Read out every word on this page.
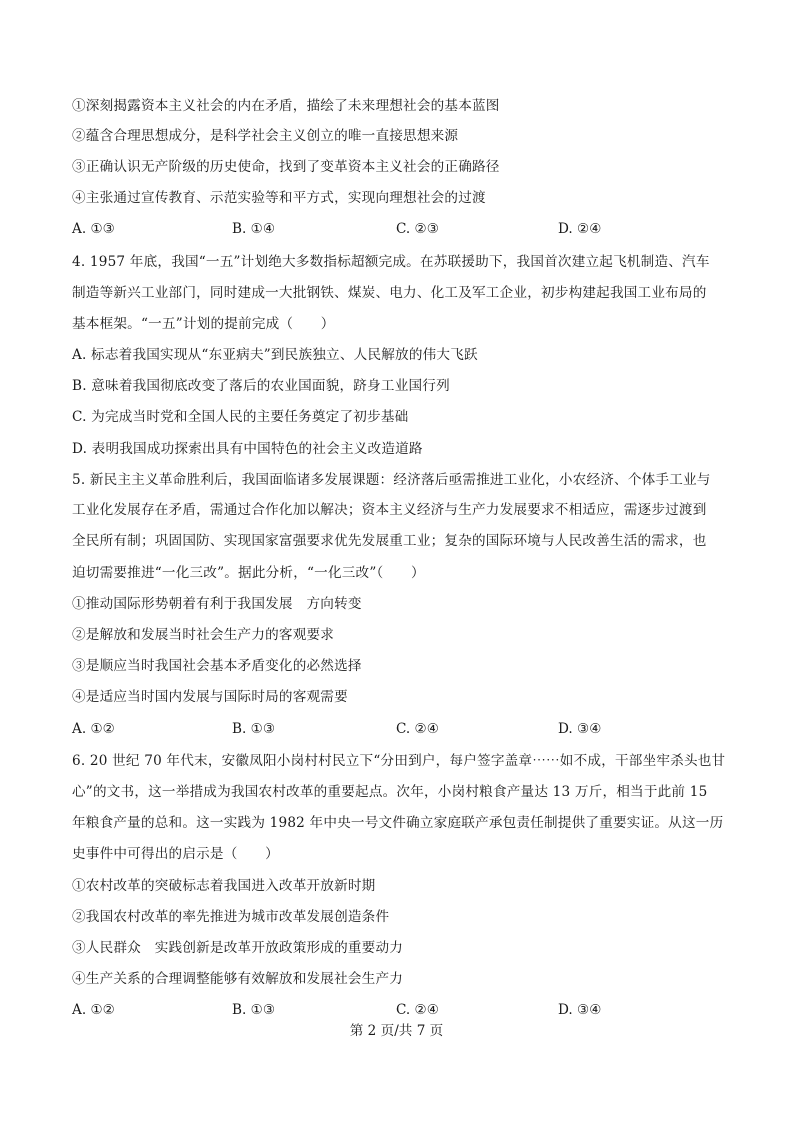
①深刻揭露资本主义社会的内在矛盾，描绘了未来理想社会的基本蓝图
②蕴含合理思想成分，是科学社会主义创立的唯一直接思想来源
③正确认识无产阶级的历史使命，找到了变革资本主义社会的正确路径
④主张通过宣传教育、示范实验等和平方式，实现向理想社会的过渡
A. ①③	B. ①④	C. ②③	D. ②④
4. 1957 年底，我国“一五”计划绝大多数指标超额完成。在苏联援助下，我国首次建立起飞机制造、汽车
制造等新兴工业部门，同时建成一大批钢铁、煤炭、电力、化工及军工企业，初步构建起我国工业布局的
基本框架。“一五”计划的提前完成（　　）
A. 标志着我国实现从“东亚病夫”到民族独立、人民解放的伟大飞跃
B. 意味着我国彻底改变了落后的农业国面貌，跻身工业国行列
C. 为完成当时党和全国人民的主要任务奠定了初步基础
D. 表明我国成功探索出具有中国特色的社会主义改造道路
5. 新民主主义革命胜利后，我国面临诸多发展课题：经济落后亟需推进工业化，小农经济、个体手工业与
工业化发展存在矛盾，需通过合作化加以解决；资本主义经济与生产力发展要求不相适应，需逐步过渡到
全民所有制；巩固国防、实现国家富强要求优先发展重工业；复杂的国际环境与人民改善生活的需求，也
迫切需要推进“一化三改”。据此分析，“一化三改”（　　）
①推动国际形势朝着有利于我国发展　方向转变
②是解放和发展当时社会生产力的客观要求
③是顺应当时我国社会基本矛盾变化的必然选择
④是适应当时国内发展与国际时局的客观需要
A. ①②	B. ①③	C. ②④	D. ③④
6. 20 世纪 70 年代末，安徽凤阳小岗村村民立下“分田到户，每户签字盖章⋯⋯如不成，干部坐牢杀头也甘
心”的文书，这一举措成为我国农村改革的重要起点。次年，小岗村粮食产量达 13 万斤，相当于此前 15
年粮食产量的总和。这一实践为 1982 年中央一号文件确立家庭联产承包责任制提供了重要实证。从这一历
史事件中可得出的启示是（　　）
①农村改革的突破标志着我国进入改革开放新时期
②我国农村改革的率先推进为城市改革发展创造条件
③人民群众　实践创新是改革开放政策形成的重要动力
④生产关系的合理调整能够有效解放和发展社会生产力
A. ①②	B. ①③	C. ②④	D. ③④
第 2 页/共 7 页
